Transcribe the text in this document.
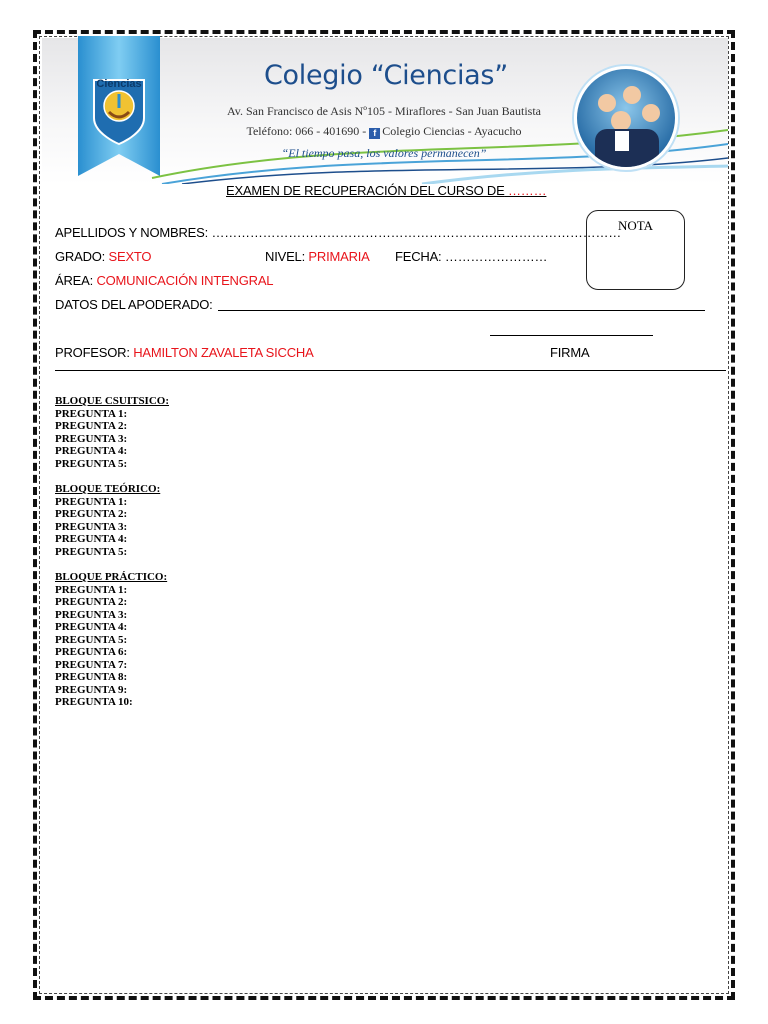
Ciencias	Colegio “Ciencias”
Av. San Francisco de Asis Nº105 - Miraflores - San Juan Bautista
Teléfono: 066 - 401690 - f Colegio Ciencias - Ayacucho
“El tiempo pasa, los valores permanecen”
EXAMEN DE RECUPERACIÓN DEL CURSO DE ………
APELLIDOS Y NOMBRES: ……………………………………………………………………………………
GRADO: SEXTO	NIVEL: PRIMARIA FECHA: ……………………
ÁREA: COMUNICACIÓN INTENGRAL
DATOS DEL APODERADO:
PROFESOR: HAMILTON ZAVALETA SICCHA	FIRMA
NOTA
BLOQUE CSUITSICO:
PREGUNTA 1:
PREGUNTA 2:
PREGUNTA 3:
PREGUNTA 4:
PREGUNTA 5:
BLOQUE TEÓRICO:
PREGUNTA 1:
PREGUNTA 2:
PREGUNTA 3:
PREGUNTA 4:
PREGUNTA 5:
BLOQUE PRÁCTICO:
PREGUNTA 1:
PREGUNTA 2:
PREGUNTA 3:
PREGUNTA 4:
PREGUNTA 5:
PREGUNTA 6:
PREGUNTA 7:
PREGUNTA 8:
PREGUNTA 9:
PREGUNTA 10:
